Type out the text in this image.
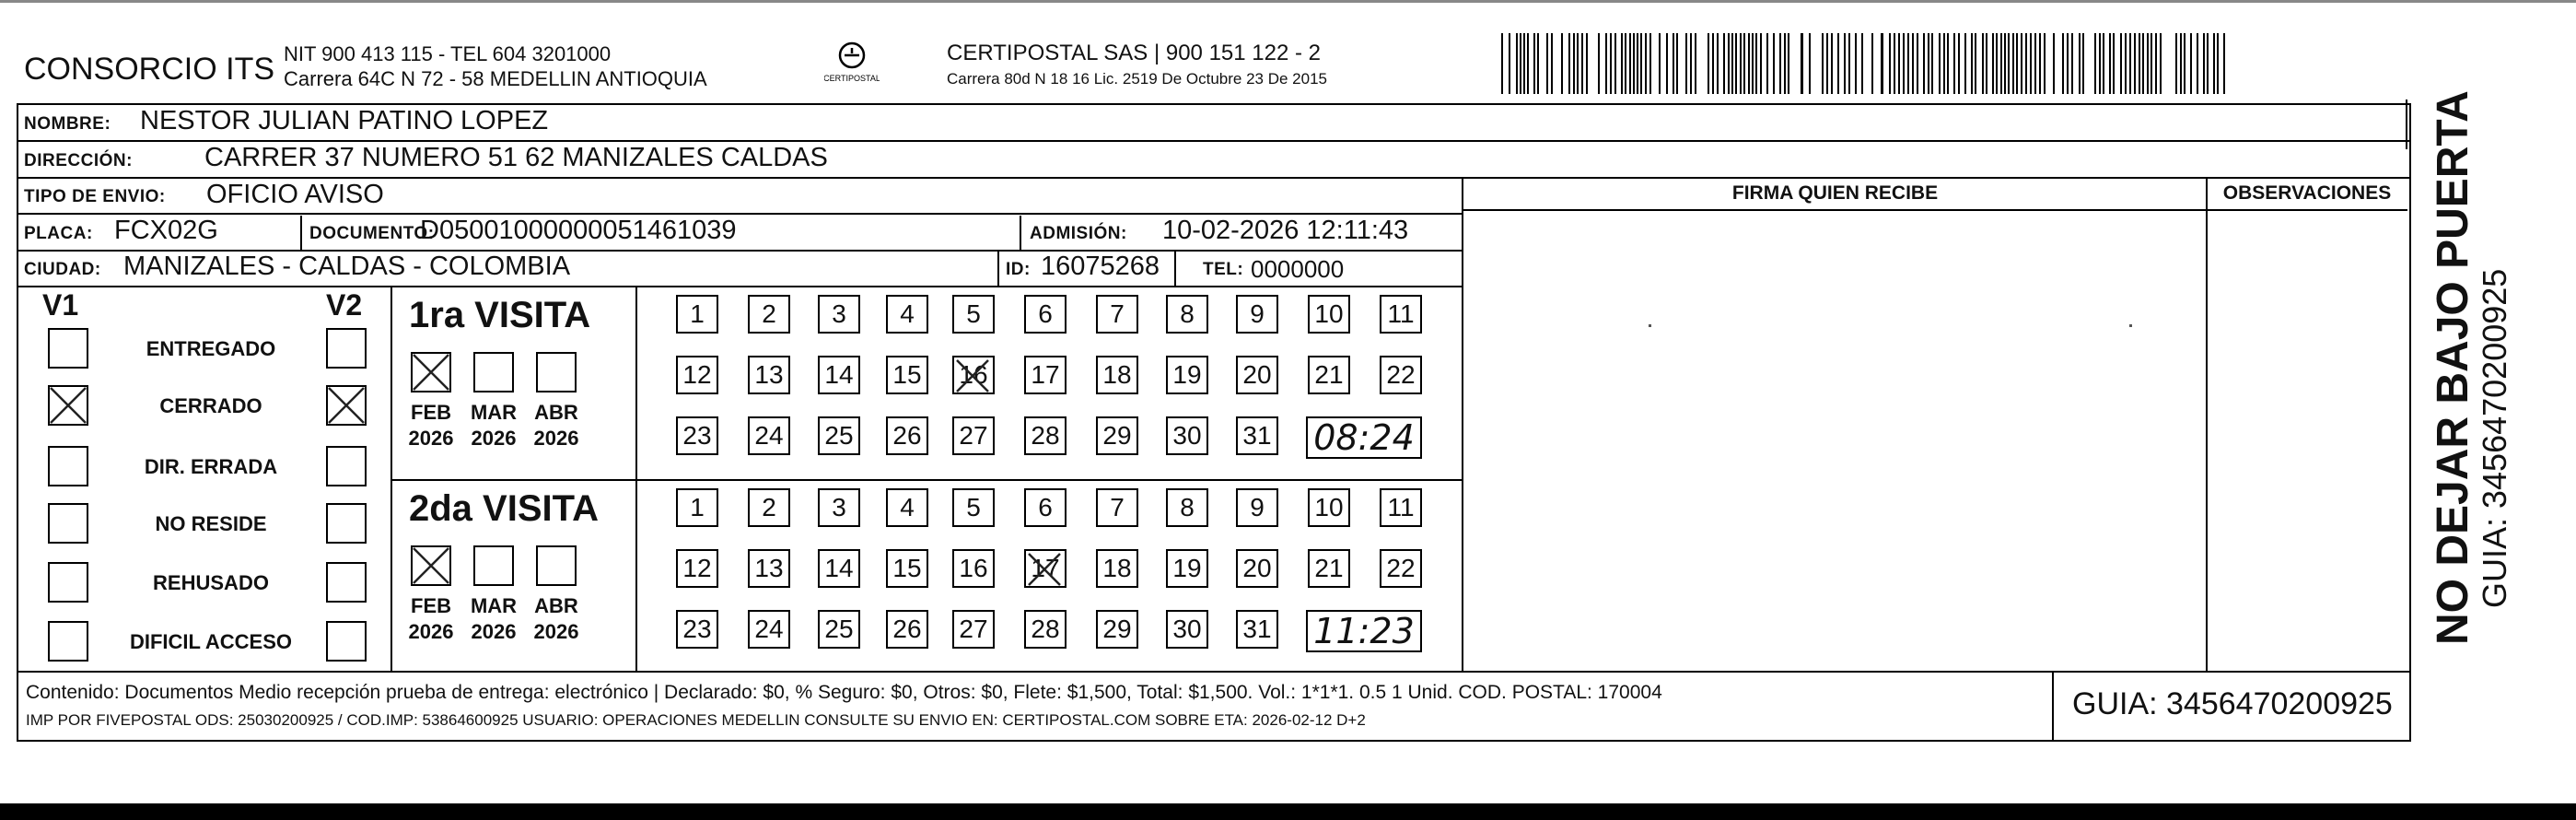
CONSORCIO ITS NIT 900 413 115 - TEL 604 3201000
Carrera 64C N 72 - 58 MEDELLIN ANTIOQUIA	CERTIPOSTAL
CERTIPOSTAL SAS | 900 151 122 - 2
Carrera 80d N 18 16 Lic. 2519 De Octubre 23 De 2015
NOMBRE: NESTOR JULIAN PATINO LOPEZ
DIRECCIÓN:	CARRER 37 NUMERO 51 62 MANIZALES CALDAS
TIPO DE ENVIO: OFICIO AVISO
PLACA: FCX02G	DOCUMENTO:
D05001000000051461039	ADMISIÓN: 10-02-2026 12:11:43
CIUDAD: MANIZALES - CALDAS - COLOMBIA	ID: 16075268 TEL: 0000000
FIRMA QUIEN RECIBE	OBSERVACIONES
V1	V2
ENTREGADO
CERRADO
DIR. ERRADA
NO RESIDE
REHUSADO
DIFICIL ACCESO
1ra VISITA
2da VISITA
FEB
2026
MAR
2026
ABR
2026
1	2	3	4	5	6	7	8	9	10	11
12 13 14 15 16 17 18 19 20 21 22
23 24 25 26 27 28 29 30 31 08:24
FEB
2026
MAR
2026
ABR
2026
1	2	3	4	5	6	7	8	9	10	11
12 13 14 15 16 17 18 19 20 21 22
23 24 25 26 27 28 29 30 31 11:23
Contenido: Documentos Medio recepción prueba de entrega: electrónico | Declarado: $0, % Seguro: $0, Otros: $0, Flete: $1,500, Total: $1,500. Vol.: 1*1*1. 0.5 1 Unid. COD. POSTAL: 170004
IMP POR FIVEPOSTAL ODS: 25030200925 / COD.IMP: 53864600925 USUARIO: OPERACIONES MEDELLIN CONSULTE SU ENVIO EN: CERTIPOSTAL.COM SOBRE ETA: 2026-02-12 D+2	GUIA: 3456470200925
NO DEJAR BAJO PUERTA
GUIA: 3456470200925
